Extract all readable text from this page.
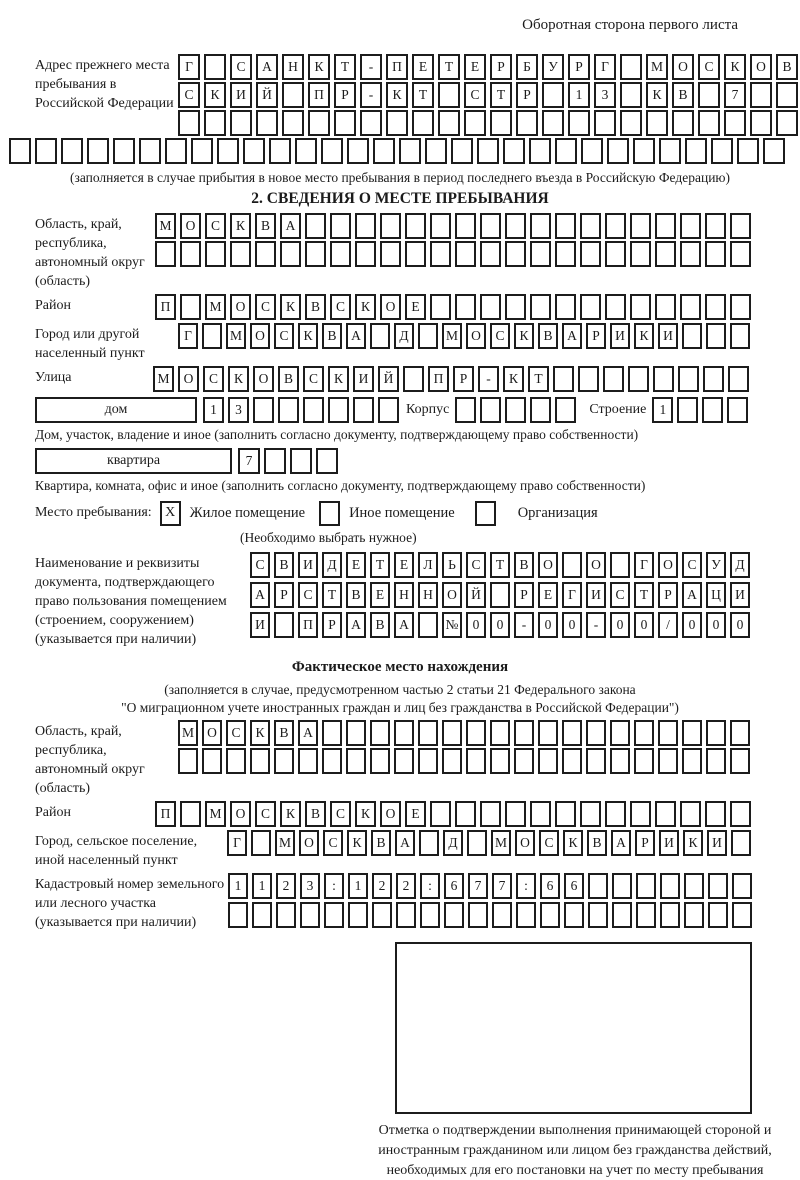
Оборотная сторона первого листа
Адрес прежнего места пребывания в Российской Федерации
Г	С	А	Н	К	Т	-	П	Е	Т	Е	Р	Б	У	Р	Г	М	О	С	К	О	В
С	К	И	Й	П	Р	-	К	Т	С	Т	Р	1	3	К	В	7
(заполняется в случае прибытия в новое место пребывания в период последнего въезда в Российскую Федерацию)
2. СВЕДЕНИЯ О МЕСТЕ ПРЕБЫВАНИЯ
Область, край, республика, автономный округ (область)
М	О	С	К	В	А
Район	П	М	О	С	К	В	С	К	О	Е
Город или другой населенный пункт
Г	М О	С	К	В	А	Д	М О	С	К	В	А	Р	И	К	И
Улица	М	О	С	К	О	В	С	К	И	Й	П	Р	-	К	Т
дом	1	3	Корпус	Строение 1
Дом, участок, владение и иное (заполнить согласно документу, подтверждающему право собственности)
квартира	7
Квартира, комната, офис и иное (заполнить согласно документу, подтверждающему право собственности)
Место пребывания: X Жилое помещение	Иное помещение	Организация
(Необходимо выбрать нужное)
Наименование и реквизиты документа, подтверждающего право пользования помещением (строением, сооружением) (указывается при наличии)
С	В	И	Д	Е	Т	Е	Л	Ь	С	Т	В	О	О	Г	О	С	У	Д
А	Р	С	Т	В	Е	Н	Н	О	Й	Р	Е	Г	И	С	Т	Р	А	Ц	И
И	П	Р	А	В	А	№	0	0	-	0	0	-	0	0	/	0	0	0
Фактическое место нахождения
(заполняется в случае, предусмотренном частью 2 статьи 21 Федерального закона
"О миграционном учете иностранных граждан и лиц без гражданства в Российской Федерации")
Область, край, республика, автономный округ (область)
М О	С	К	В	А
Район	П	М	О	С	К	В	С	К	О	Е
Город, сельское поселение, иной населенный пункт
Г	М О	С	К	В	А	Д	М О	С	К	В	А	Р	И	К	И
Кадастровый номер земельного или лесного участка (указывается при наличии)
1	1	2	3	:	1	2	2	:	6	7	7	:	6	6
Отметка о подтверждении выполнения принимающей стороной и иностранным гражданином или лицом без гражданства действий, необходимых для его постановки на учет по месту пребывания
